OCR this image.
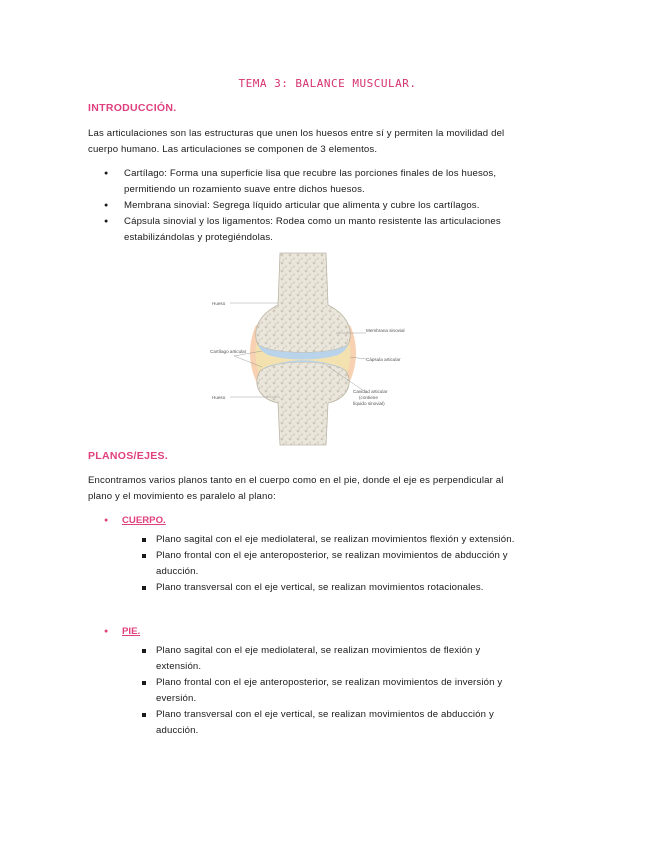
TEMA 3: BALANCE MUSCULAR.
INTRODUCCIÓN.
Las articulaciones son las estructuras que unen los huesos entre sí y permiten la movilidad del cuerpo humano. Las articulaciones se componen de 3 elementos.
● Cartílago: Forma una superficie lisa que recubre las porciones finales de los huesos, permitiendo un rozamiento suave entre dichos huesos.
● Membrana sinovial: Segrega líquido articular que alimenta y cubre los cartílagos.
● Cápsula sinovial y los ligamentos: Rodea como un manto resistente las articulaciones estabilizándolas y protegiéndolas.
Hueso
Cartílago articular
Hueso
Membrana sinovial
Cápsula articular
Cavidad articular
(contiene
líquido sinovial)
PLANOS/EJES.
Encontramos varios planos tanto en el cuerpo como en el pie, donde el eje es perpendicular al plano y el movimiento es paralelo al plano:
● CUERPO.
Plano sagital con el eje mediolateral, se realizan movimientos flexión y extensión.
Plano frontal con el eje anteroposterior, se realizan movimientos de abducción y aducción.
Plano transversal con el eje vertical, se realizan movimientos rotacionales.
● PIE.
Plano sagital con el eje mediolateral, se realizan movimientos de flexión y extensión.
Plano frontal con el eje anteroposterior, se realizan movimientos de inversión y eversión.
Plano transversal con el eje vertical, se realizan movimientos de abducción y aducción.
